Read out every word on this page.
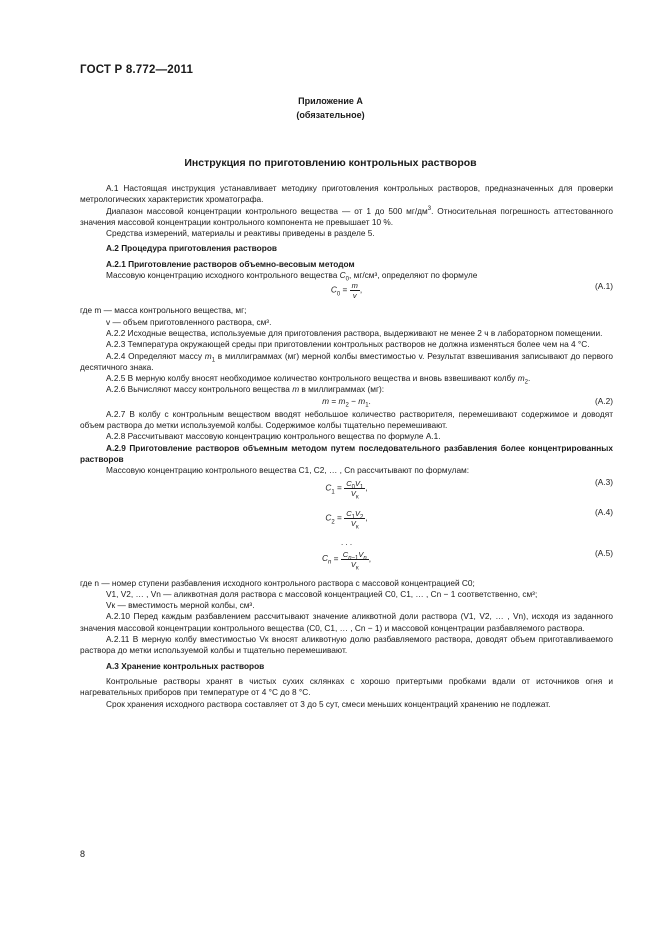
ГОСТ Р 8.772—2011
Приложение А
(обязательное)
Инструкция по приготовлению контрольных растворов

А.1 Настоящая инструкция устанавливает методику приготовления контрольных растворов, предназначенных для проверки метрологических характеристик хроматографа.

Диапазон массовой концентрации контрольного вещества — от 1 до 500 $мг/дм^3$. Относительная погрешность аттестованного значения массовой концентрации контрольного компонента не превышает 10 %.

Средства измерений, материалы и реактивы приведены в разделе 5.

А.2 Процедура приготовления растворов

А.2.1 Приготовление растворов объемно-весовым методом

Массовую концентрацию исходного контрольного вещества $C_0$, мг/см³, определяют по формуле

$C_0 = \frac{m}{v}$ ,	(А.1)

где m — масса контрольного вещества, мг;

v — объем приготовленного раствора, см³.

А.2.2 Исходные вещества, используемые для приготовления раствора, выдерживают не менее 2 ч в лабораторном помещении.

А.2.3 Температура окружающей среды при приготовлении контрольных растворов не должна изменяться более чем на 4 °С.

А.2.4 Определяют массу $m_1$ в миллиграммах (мг) мерной колбы вместимостью v. Результат взвешивания записывают до первого десятичного знака.

А.2.5 В мерную колбу вносят необходимое количество контрольного вещества и вновь взвешивают колбу $m_2$.

А.2.6 Вычисляют массу контрольного вещества m в миллиграммах (мг):

$m = m_2 - m_1$.	(А.2)

А.2.7 В колбу с контрольным веществом вводят небольшое количество растворителя, перемешивают содержимое и доводят объем раствора до метки используемой колбы. Содержимое колбы тщательно перемешивают.

А.2.8 Рассчитывают массовую концентрацию контрольного вещества по формуле А.1.

А.2.9 Приготовление растворов объемным методом путем последовательного разбавления более концентрированных растворов

Массовую концентрацию контрольного вещества C1, C2, … , Cn рассчитывают по формулам:

$C_1 = \frac{C_0V_1}{V_к}$ ,
(А.3)
$C_2 = \frac{C_1V_2}{V_к}$ ,
(А.4)
. . .
$C_n = \frac{C_{n-1}V_n}{V_к}$ ,
(А.5)

где n — номер ступени разбавления исходного контрольного раствора с массовой концентрацией C0;

V1, V2, … , Vn — аликвотная доля раствора с массовой концентрацией C0, C1, … , Cn − 1 соответственно, см³;

Vк — вместимость мерной колбы, см³.

А.2.10 Перед каждым разбавлением рассчитывают значение аликвотной доли раствора (V1, V2, … , Vn), исходя из заданного значения массовой концентрации контрольного вещества (C0, C1, … , Cn − 1) и массовой концентрации разбавляемого раствора.

А.2.11 В мерную колбу вместимостью Vк вносят аликвотную долю разбавляемого раствора, доводят объем приготавливаемого раствора до метки используемой колбы и тщательно перемешивают.

А.3 Хранение контрольных растворов

Контрольные растворы хранят в чистых сухих склянках с хорошо притертыми пробками вдали от источников огня и нагревательных приборов при температуре от 4 °С до 8 °С.

Срок хранения исходного раствора составляет от 3 до 5 сут, смеси меньших концентраций хранению не подлежат.

8
